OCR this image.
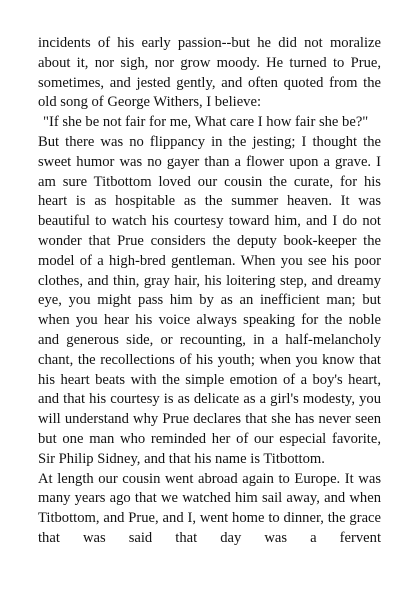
incidents of his early passion--but he did not moralize about it, nor sigh, nor grow moody. He turned to Prue, sometimes, and jested gently, and often quoted from the old song of George Withers, I believe:

"If she be not fair for me, What care I how fair she be?"

But there was no flippancy in the jesting; I thought the sweet humor was no gayer than a flower upon a grave. I am sure Titbottom loved our cousin the curate, for his heart is as hospitable as the summer heaven. It was beautiful to watch his courtesy toward him, and I do not wonder that Prue considers the deputy book-keeper the model of a high-bred gentleman. When you see his poor clothes, and thin, gray hair, his loitering step, and dreamy eye, you might pass him by as an inefficient man; but when you hear his voice always speaking for the noble and generous side, or recounting, in a half-melancholy chant, the recollections of his youth; when you know that his heart beats with the simple emotion of a boy's heart, and that his courtesy is as delicate as a girl's modesty, you will understand why Prue declares that she has never seen but one man who reminded her of our especial favorite, Sir Philip Sidney, and that his name is Titbottom.

At length our cousin went abroad again to Europe. It was many years ago that we watched him sail away, and when Titbottom, and Prue, and I, went home to dinner, the grace that was said that day was a fervent
